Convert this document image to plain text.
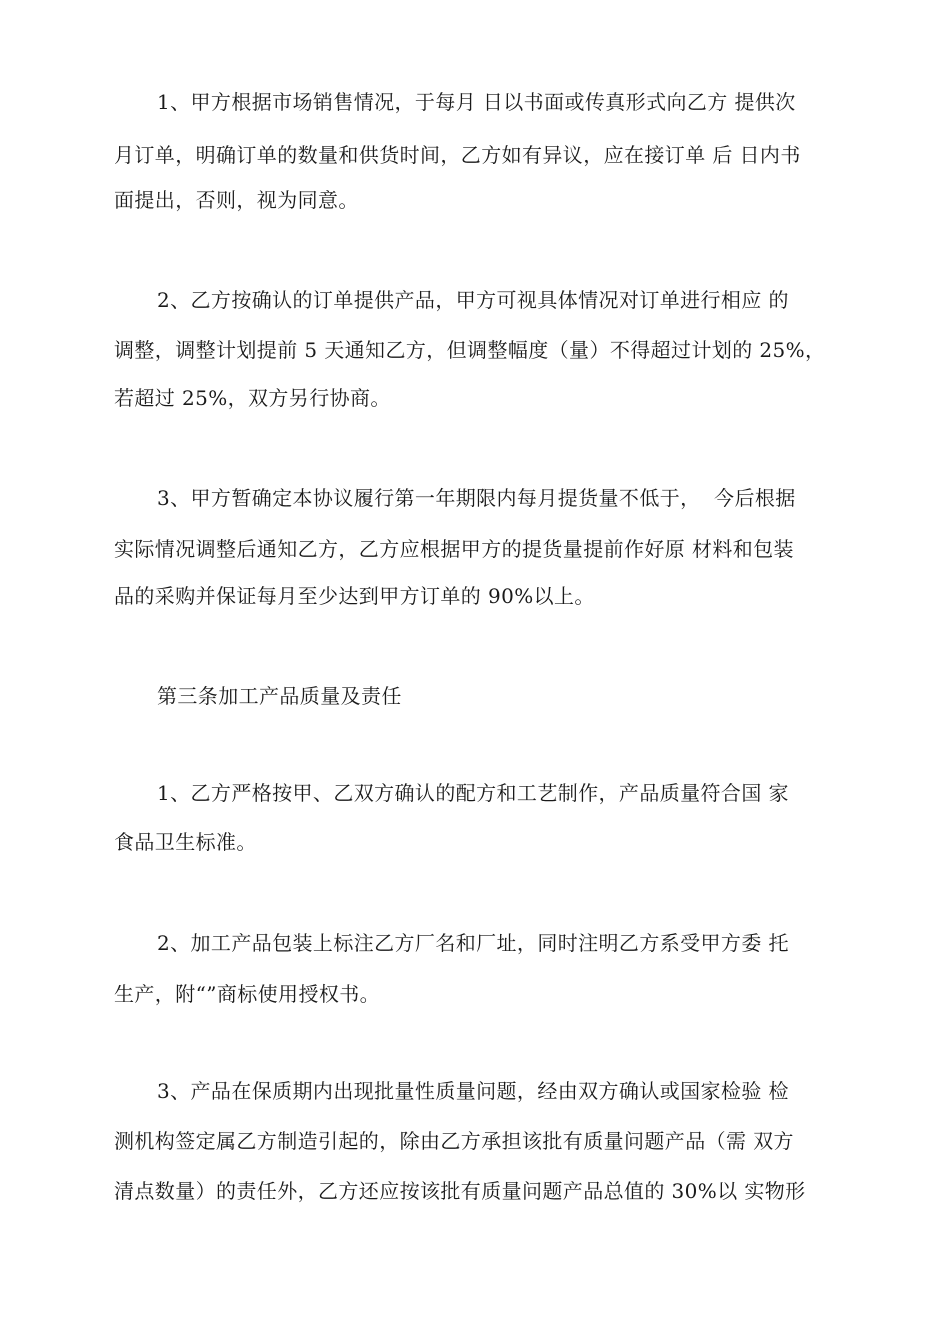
1、甲方根据市场销售情况，于每月 日以书面或传真形式向乙方 提供次
月订单，明确订单的数量和供货时间，乙方如有异议，应在接订单 后 日内书
面提出，否则，视为同意。
2、乙方按确认的订单提供产品，甲方可视具体情况对订单进行相应 的
调整，调整计划提前 5 天通知乙方，但调整幅度（量）不得超过计划的 25%，
若超过 25%，双方另行协商。
3、甲方暂确定本协议履行第一年期限内每月提货量不低于，  今后根据
实际情况调整后通知乙方，乙方应根据甲方的提货量提前作好原 材料和包装
品的采购并保证每月至少达到甲方订单的 90%以上。
第三条加工产品质量及责任
1、乙方严格按甲、乙双方确认的配方和工艺制作，产品质量符合国 家
食品卫生标准。
2、加工产品包装上标注乙方厂名和厂址，同时注明乙方系受甲方委 托
生产，附“”商标使用授权书。
3、产品在保质期内出现批量性质量问题，经由双方确认或国家检验 检
测机构签定属乙方制造引起的，除由乙方承担该批有质量问题产品（需 双方
清点数量）的责任外，乙方还应按该批有质量问题产品总值的 30%以 实物形
